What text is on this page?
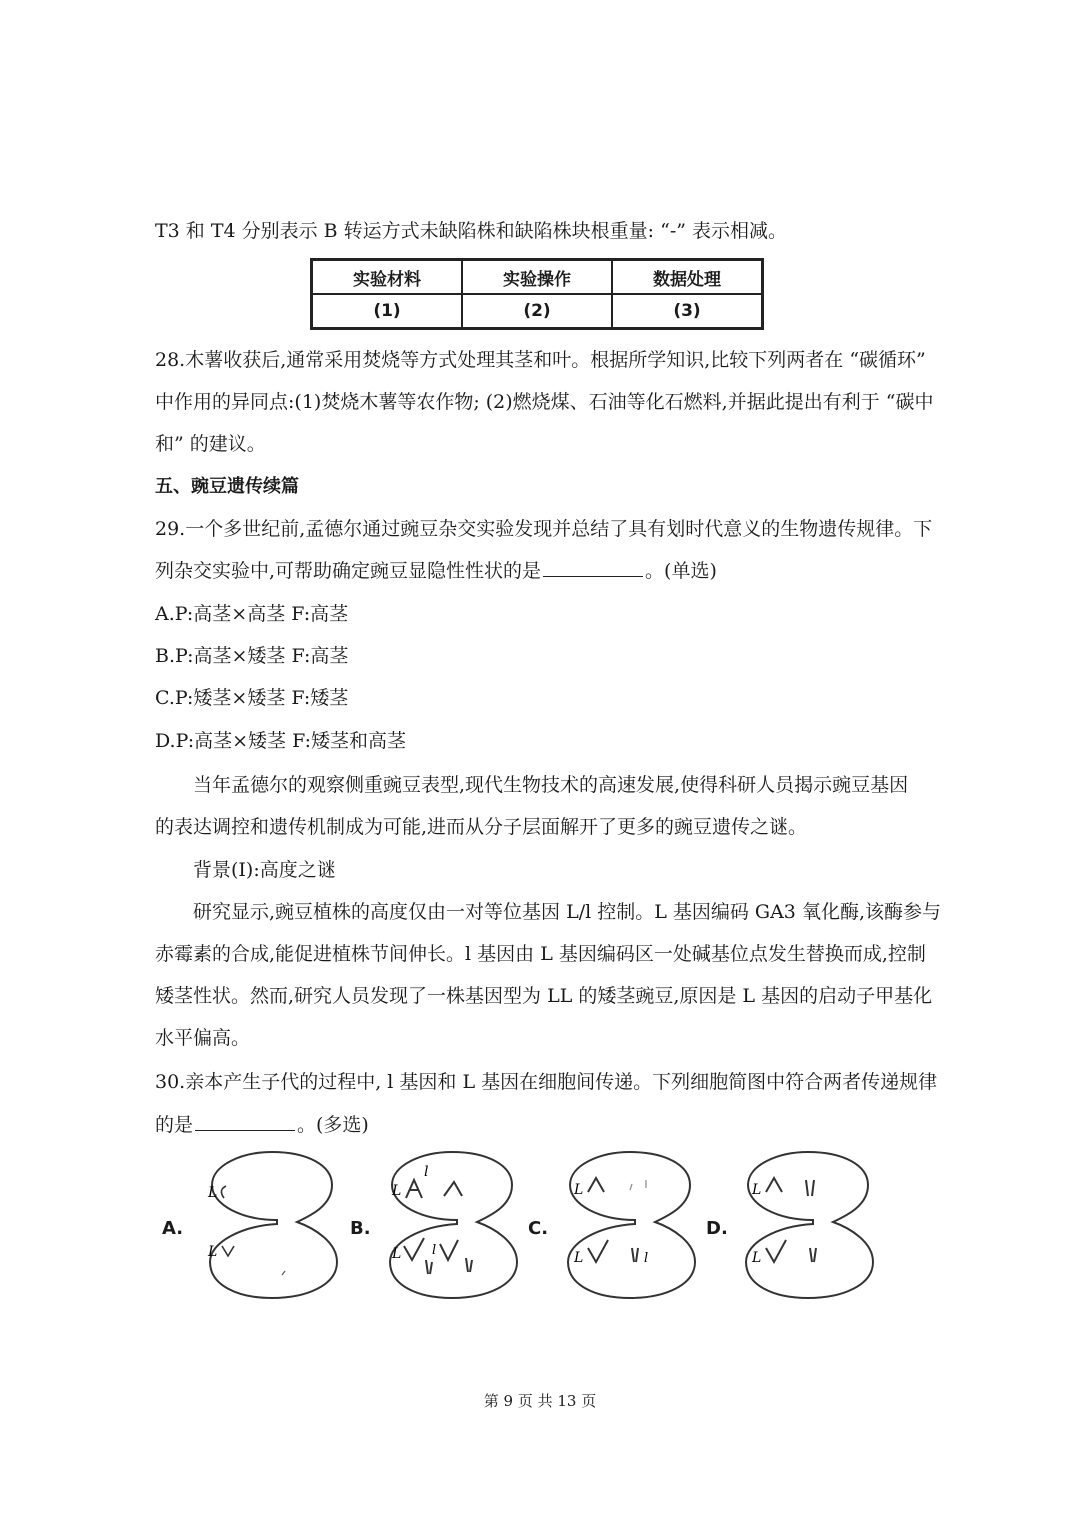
T3 和 T4 分别表示 B 转运方式未缺陷株和缺陷株块根重量: “-” 表示相减。
实验材料	实验操作	数据处理
(1)	(2)	(3)
28.木薯收获后,通常采用焚烧等方式处理其茎和叶。根据所学知识,比较下列两者在 “碳循环”
中作用的异同点:(1)焚烧木薯等农作物; (2)燃烧煤、石油等化石燃料,并据此提出有利于 “碳中
和” 的建议。
五、豌豆遗传续篇
29.一个多世纪前,孟德尔通过豌豆杂交实验发现并总结了具有划时代意义的生物遗传规律。下
列杂交实验中,可帮助确定豌豆显隐性性状的是	。(单选)
A.P:高茎×高茎 F:高茎
B.P:高茎×矮茎 F:高茎
C.P:矮茎×矮茎 F:矮茎
D.P:高茎×矮茎 F:矮茎和高茎
当年孟德尔的观察侧重豌豆表型,现代生物技术的高速发展,使得科研人员揭示豌豆基因
的表达调控和遗传机制成为可能,进而从分子层面解开了更多的豌豆遗传之谜。
背景(I):高度之谜
研究显示,豌豆植株的高度仅由一对等位基因 L/l 控制。L 基因编码 GA3 氧化酶,该酶参与
赤霉素的合成,能促进植株节间伸长。l 基因由 L 基因编码区一处碱基位点发生替换而成,控制
矮茎性状。然而,研究人员发现了一株基因型为 LL 的矮茎豌豆,原因是 L 基因的启动子甲基化
水平偏高。
30.亲本产生子代的过程中, l 基因和 L 基因在细胞间传递。下列细胞简图中符合两者传递规律
的是	。(多选)
A.
L
L
B.
L
l
L l
C.
L
L	l
D.
L
L
第 9 页 共 13 页
